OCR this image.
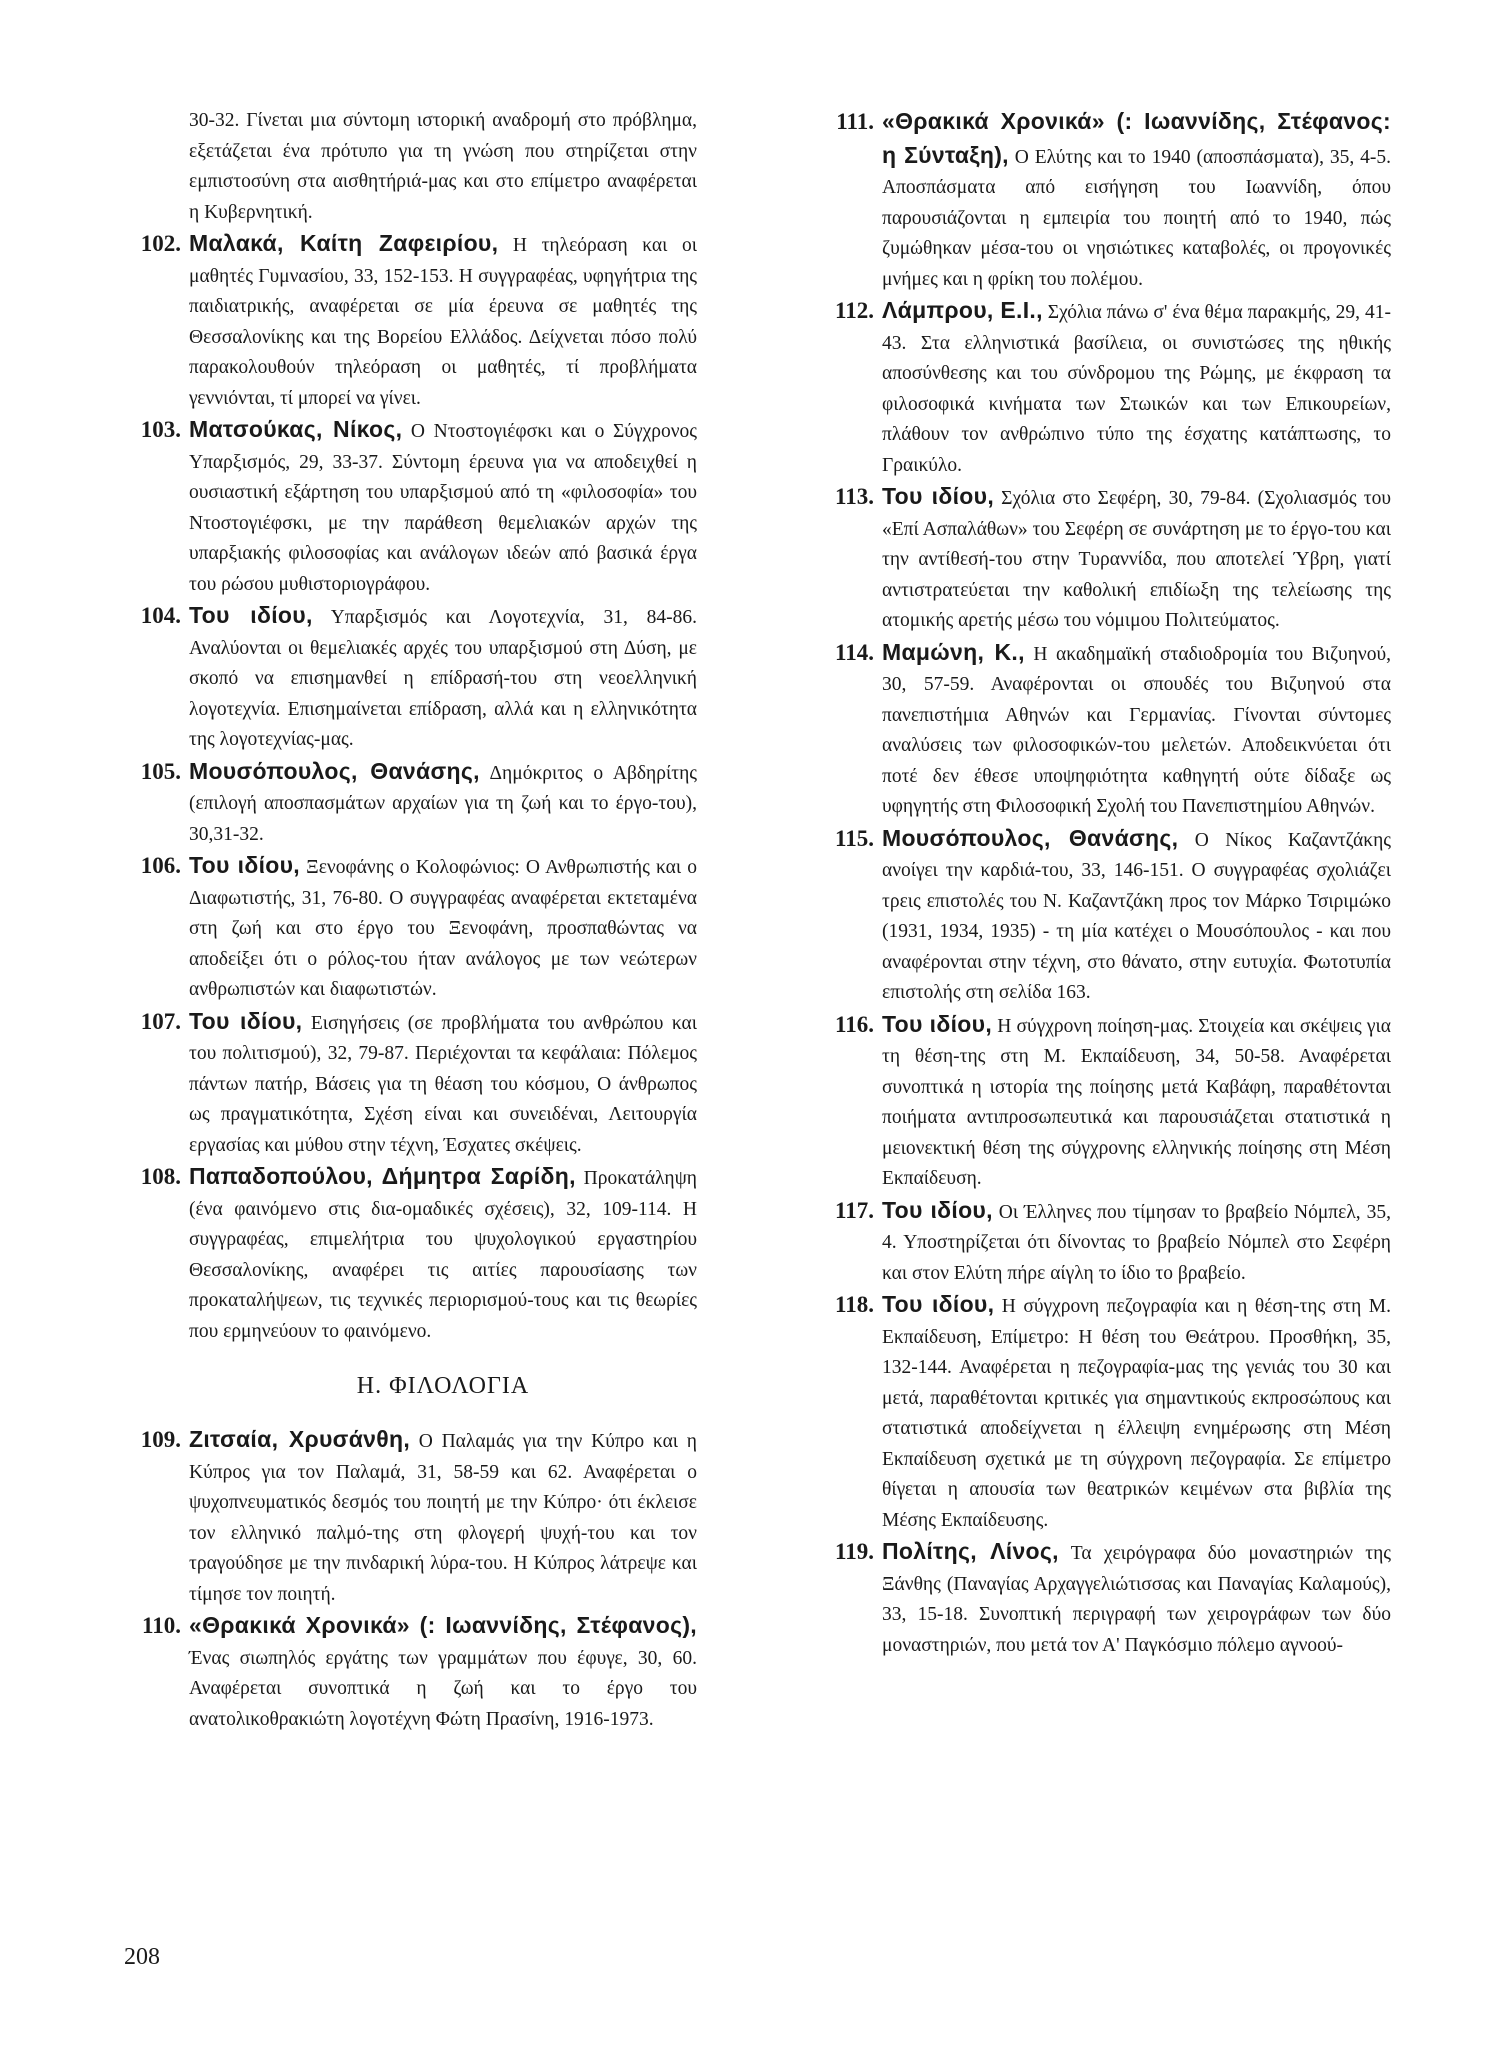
30-32. Γίνεται μια σύντομη ιστορική αναδρομή στο πρόβλημα, εξετάζεται ένα πρότυπο για τη γνώση που στηρίζεται στην εμπιστοσύνη στα αισθητήριά-μας και στο επίμετρο αναφέρεται η Κυβερνητική.

102. Μαλακά, Καίτη Ζαφειρίου, Η τηλεόραση και οι μαθητές Γυμνασίου, 33, 152-153. Η συγγραφέας, υφηγήτρια της παιδιατρικής, αναφέρεται σε μία έρευνα σε μαθητές της Θεσσαλονίκης και της Βορείου Ελλάδος. Δείχνεται πόσο πολύ παρακολουθούν τηλεόραση οι μαθητές, τί προβλήματα γεννιόνται, τί μπορεί να γίνει.

103. Ματσούκας, Νίκος, Ο Ντοστογιέφσκι και ο Σύγχρονος Υπαρξισμός, 29, 33-37. Σύντομη έρευνα για να αποδειχθεί η ουσιαστική εξάρτηση του υπαρξισμού από τη «φιλοσοφία» του Ντοστογιέφσκι, με την παράθεση θεμελιακών αρχών της υπαρξιακής φιλοσοφίας και ανάλογων ιδεών από βασικά έργα του ρώσου μυθιστοριογράφου.

104. Του ιδίου, Υπαρξισμός και Λογοτεχνία, 31, 84-86. Αναλύονται οι θεμελιακές αρχές του υπαρξισμού στη Δύση, με σκοπό να επισημανθεί η επίδρασή-του στη νεοελληνική λογοτεχνία. Επισημαίνεται επίδραση, αλλά και η ελληνικότητα της λογοτεχνίας-μας.

105. Μουσόπουλος, Θανάσης, Δημόκριτος ο Αβδηρίτης (επιλογή αποσπασμάτων αρχαίων για τη ζωή και το έργο-του), 30,31-32.

106. Του ιδίου, Ξενοφάνης ο Κολοφώνιος: Ο Ανθρωπιστής και ο Διαφωτιστής, 31, 76-80. Ο συγγραφέας αναφέρεται εκτεταμένα στη ζωή και στο έργο του Ξενοφάνη, προσπαθώντας να αποδείξει ότι ο ρόλος-του ήταν ανάλογος με των νεώτερων ανθρωπιστών και διαφωτιστών.

107. Του ιδίου, Εισηγήσεις (σε προβλήματα του ανθρώπου και του πολιτισμού), 32, 79-87. Περιέχονται τα κεφάλαια: Πόλεμος πάντων πατήρ, Βάσεις για τη θέαση του κόσμου, Ο άνθρωπος ως πραγματικότητα, Σχέση είναι και συνειδέναι, Λειτουργία εργασίας και μύθου στην τέχνη, Έσχατες σκέψεις.

108. Παπαδοπούλου, Δήμητρα Σαρίδη, Προκατάληψη (ένα φαινόμενο στις δια-ομαδικές σχέσεις), 32, 109-114. Η συγγραφέας, επιμελήτρια του ψυχολογικού εργαστηρίου Θεσσαλονίκης, αναφέρει τις αιτίες παρουσίασης των προκαταλήψεων, τις τεχνικές περιορισμού-τους και τις θεωρίες που ερμηνεύουν το φαινόμενο.

Η. ΦΙΛΟΛΟΓΙΑ

109. Ζιτσαία, Χρυσάνθη, Ο Παλαμάς για την Κύπρο και η Κύπρος για τον Παλαμά, 31, 58-59 και 62. Αναφέρεται ο ψυχοπνευματικός δεσμός του ποιητή με την Κύπρο· ότι έκλεισε τον ελληνικό παλμό-της στη φλογερή ψυχή-του και τον τραγούδησε με την πινδαρική λύρα-του. Η Κύπρος λάτρεψε και τίμησε τον ποιητή.

110. «Θρακικά Χρονικά» (: Ιωαννίδης, Στέφανος), Ένας σιωπηλός εργάτης των γραμμάτων που έφυγε, 30, 60. Αναφέρεται συνοπτικά η ζωή και το έργο του ανατολικοθρακιώτη λογοτέχνη Φώτη Πρασίνη, 1916-1973.

111. «Θρακικά Χρονικά» (: Ιωαννίδης, Στέφανος: η Σύνταξη), Ο Ελύτης και το 1940 (αποσπάσματα), 35, 4-5. Αποσπάσματα από εισήγηση του Ιωαννίδη, όπου παρουσιάζονται η εμπειρία του ποιητή από το 1940, πώς ζυμώθηκαν μέσα-του οι νησιώτικες καταβολές, οι προγονικές μνήμες και η φρίκη του πολέμου.

112. Λάμπρου, Ε.Ι., Σχόλια πάνω σ' ένα θέμα παρακμής, 29, 41-43. Στα ελληνιστικά βασίλεια, οι συνιστώσες της ηθικής αποσύνθεσης και του σύνδρομου της Ρώμης, με έκφραση τα φιλοσοφικά κινήματα των Στωικών και των Επικουρείων, πλάθουν τον ανθρώπινο τύπο της έσχατης κατάπτωσης, το Γραικύλο.

113. Του ιδίου, Σχόλια στο Σεφέρη, 30, 79-84. (Σχολιασμός του «Επί Ασπαλάθων» του Σεφέρη σε συνάρτηση με το έργο-του και την αντίθεσή-του στην Τυραννίδα, που αποτελεί Ύβρη, γιατί αντιστρατεύεται την καθολική επιδίωξη της τελείωσης της ατομικής αρετής μέσω του νόμιμου Πολιτεύματος.

114. Μαμώνη, Κ., Η ακαδημαϊκή σταδιοδρομία του Βιζυηνού, 30, 57-59. Αναφέρονται οι σπουδές του Βιζυηνού στα πανεπιστήμια Αθηνών και Γερμανίας. Γίνονται σύντομες αναλύσεις των φιλοσοφικών-του μελετών. Αποδεικνύεται ότι ποτέ δεν έθεσε υποψηφιότητα καθηγητή ούτε δίδαξε ως υφηγητής στη Φιλοσοφική Σχολή του Πανεπιστημίου Αθηνών.

115. Μουσόπουλος, Θανάσης, Ο Νίκος Καζαντζάκης ανοίγει την καρδιά-του, 33, 146-151. Ο συγγραφέας σχολιάζει τρεις επιστολές του Ν. Καζαντζάκη προς τον Μάρκο Τσιριμώκο (1931, 1934, 1935) - τη μία κατέχει ο Μουσόπουλος - και που αναφέρονται στην τέχνη, στο θάνατο, στην ευτυχία. Φωτοτυπία επιστολής στη σελίδα 163.

116. Του ιδίου, Η σύγχρονη ποίηση-μας. Στοιχεία και σκέψεις για τη θέση-της στη Μ. Εκπαίδευση, 34, 50-58. Αναφέρεται συνοπτικά η ιστορία της ποίησης μετά Καβάφη, παραθέτονται ποιήματα αντιπροσωπευτικά και παρουσιάζεται στατιστικά η μειονεκτική θέση της σύγχρονης ελληνικής ποίησης στη Μέση Εκπαίδευση.

117. Του ιδίου, Οι Έλληνες που τίμησαν το βραβείο Νόμπελ, 35, 4. Υποστηρίζεται ότι δίνοντας το βραβείο Νόμπελ στο Σεφέρη και στον Ελύτη πήρε αίγλη το ίδιο το βραβείο.

118. Του ιδίου, Η σύγχρονη πεζογραφία και η θέση-της στη Μ. Εκπαίδευση, Επίμετρο: Η θέση του Θεάτρου. Προσθήκη, 35, 132-144. Αναφέρεται η πεζογραφία-μας της γενιάς του 30 και μετά, παραθέτονται κριτικές για σημαντικούς εκπροσώπους και στατιστικά αποδείχνεται η έλλειψη ενημέρωσης στη Μέση Εκπαίδευση σχετικά με τη σύγχρονη πεζογραφία. Σε επίμετρο θίγεται η απουσία των θεατρικών κειμένων στα βιβλία της Μέσης Εκπαίδευσης.

119. Πολίτης, Λίνος, Τα χειρόγραφα δύο μοναστηριών της Ξάνθης (Παναγίας Αρχαγγελιώτισσας και Παναγίας Καλαμούς), 33, 15-18. Συνοπτική περιγραφή των χειρογράφων των δύο μοναστηριών, που μετά τον Α' Παγκόσμιο πόλεμο αγνοού-

208
